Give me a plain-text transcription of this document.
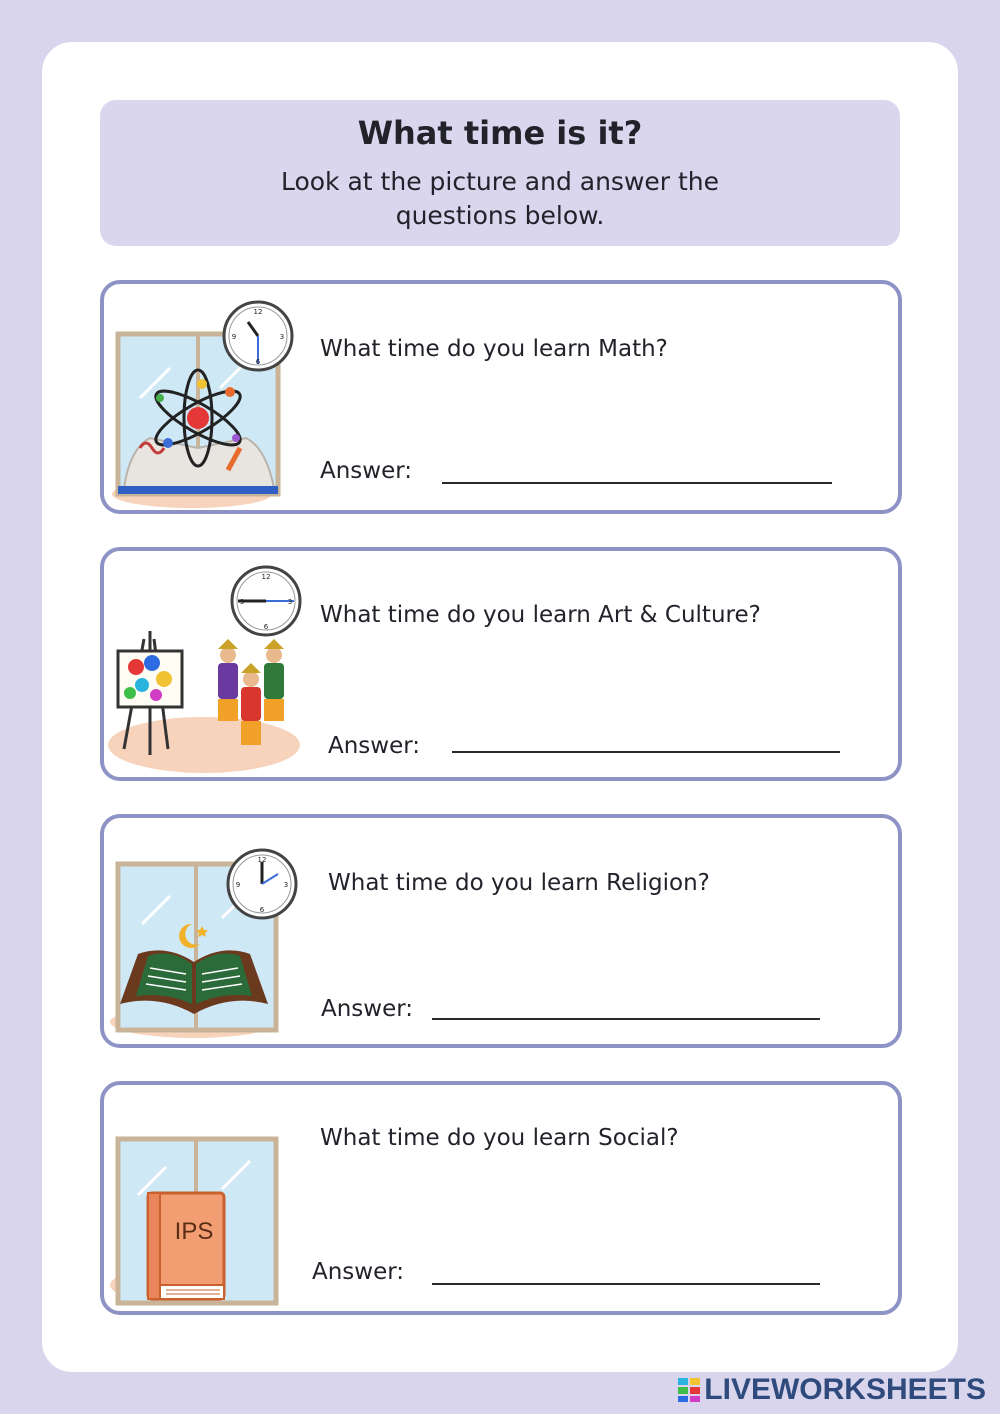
What time is it?
Look at the picture and answer the
questions below.
12
3
6
9	What time do you learn Math?
Answer:
12
3
6
9	What time do you learn Art & Culture?
Answer:
12
3
6
9	What time do you learn Religion?
Answer:
IPS
What time do you learn Social?
Answer:
LIVEWORKSHEETS
